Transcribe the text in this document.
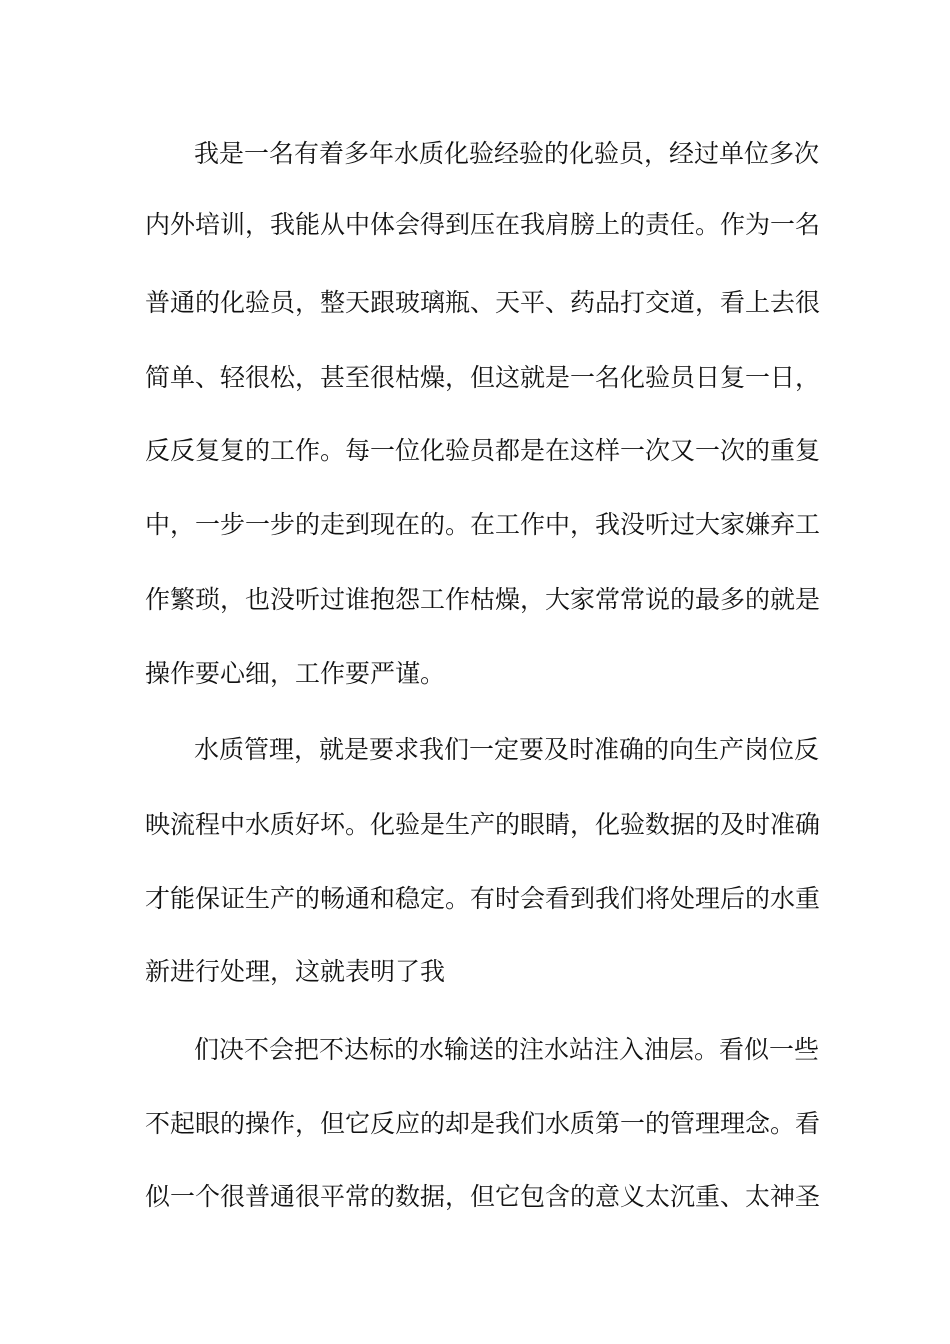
我是一名有着多年水质化验经验的化验员，经过单位多次
内外培训，我能从中体会得到压在我肩膀上的责任。作为一名
普通的化验员，整天跟玻璃瓶、天平、药品打交道，看上去很
简单、轻很松，甚至很枯燥，但这就是一名化验员日复一日，
反反复复的工作。每一位化验员都是在这样一次又一次的重复
中，一步一步的走到现在的。在工作中，我没听过大家嫌弃工
作繁琐，也没听过谁抱怨工作枯燥，大家常常说的最多的就是
操作要心细，工作要严谨。
水质管理，就是要求我们一定要及时准确的向生产岗位反
映流程中水质好坏。化验是生产的眼睛，化验数据的及时准确
才能保证生产的畅通和稳定。有时会看到我们将处理后的水重
新进行处理，这就表明了我
们决不会把不达标的水输送的注水站注入油层。看似一些
不起眼的操作，但它反应的却是我们水质第一的管理理念。看
似一个很普通很平常的数据，但它包含的意义太沉重、太神圣
